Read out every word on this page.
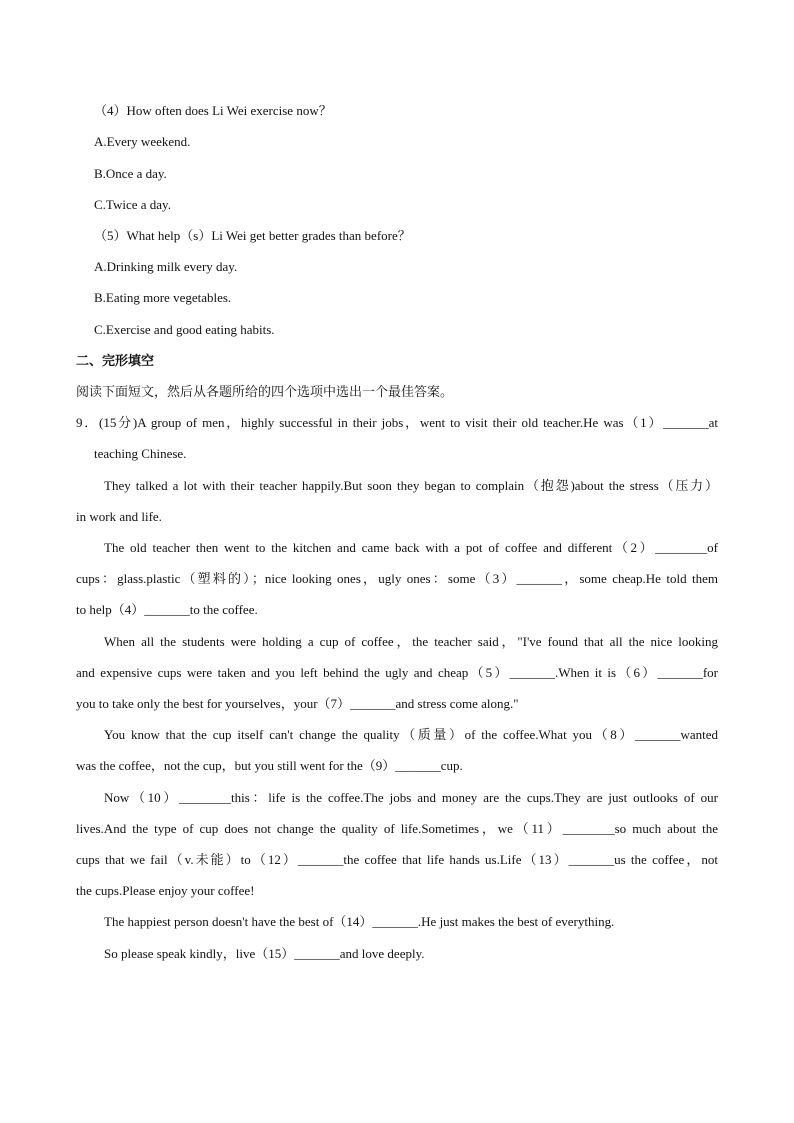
（4）How often does Li Wei exercise now？
A.Every weekend.
B.Once a day.
C.Twice a day.
（5）What help（s）Li Wei get better grades than before？
A.Drinking milk every day.
B.Eating more vegetables.
C.Exercise and good eating habits.
二、完形填空
阅读下面短文，然后从各题所给的四个选项中选出一个最佳答案。
9．(15分)A group of men，highly successful in their jobs，went to visit their old teacher.He was（1）_______at
teaching Chinese.
They talked a lot with their teacher happily.But soon they began to complain（抱怨)about the stress（压力）
in work and life.
The old teacher then went to the kitchen and came back with a pot of coffee and different（2）________of
cups：glass.plastic（塑料的）；nice looking ones，ugly ones：some（3）_______，some cheap.He told them
to help（4）_______to the coffee.
When all the students were holding a cup of coffee，the teacher said，"I've found that all the nice looking
and expensive cups were taken and you left behind the ugly and cheap（5）_______.When it is（6）_______for
you to take only the best for yourselves，your（7）_______and stress come along."
You know that the cup itself can't change the quality（质量）of the coffee.What you（8）_______wanted
was the coffee，not the cup，but you still went for the（9）_______cup.
Now（10）________this：life is the coffee.The jobs and money are the cups.They are just outlooks of our
lives.And the type of cup does not change the quality of life.Sometimes，we（11）________so much about the
cups that we fail（v.未能）to（12）_______the coffee that life hands us.Life（13）_______us the coffee，not
the cups.Please enjoy your coffee!
The happiest person doesn't have the best of（14）_______.He just makes the best of everything.
So please speak kindly，live（15）_______and love deeply.
